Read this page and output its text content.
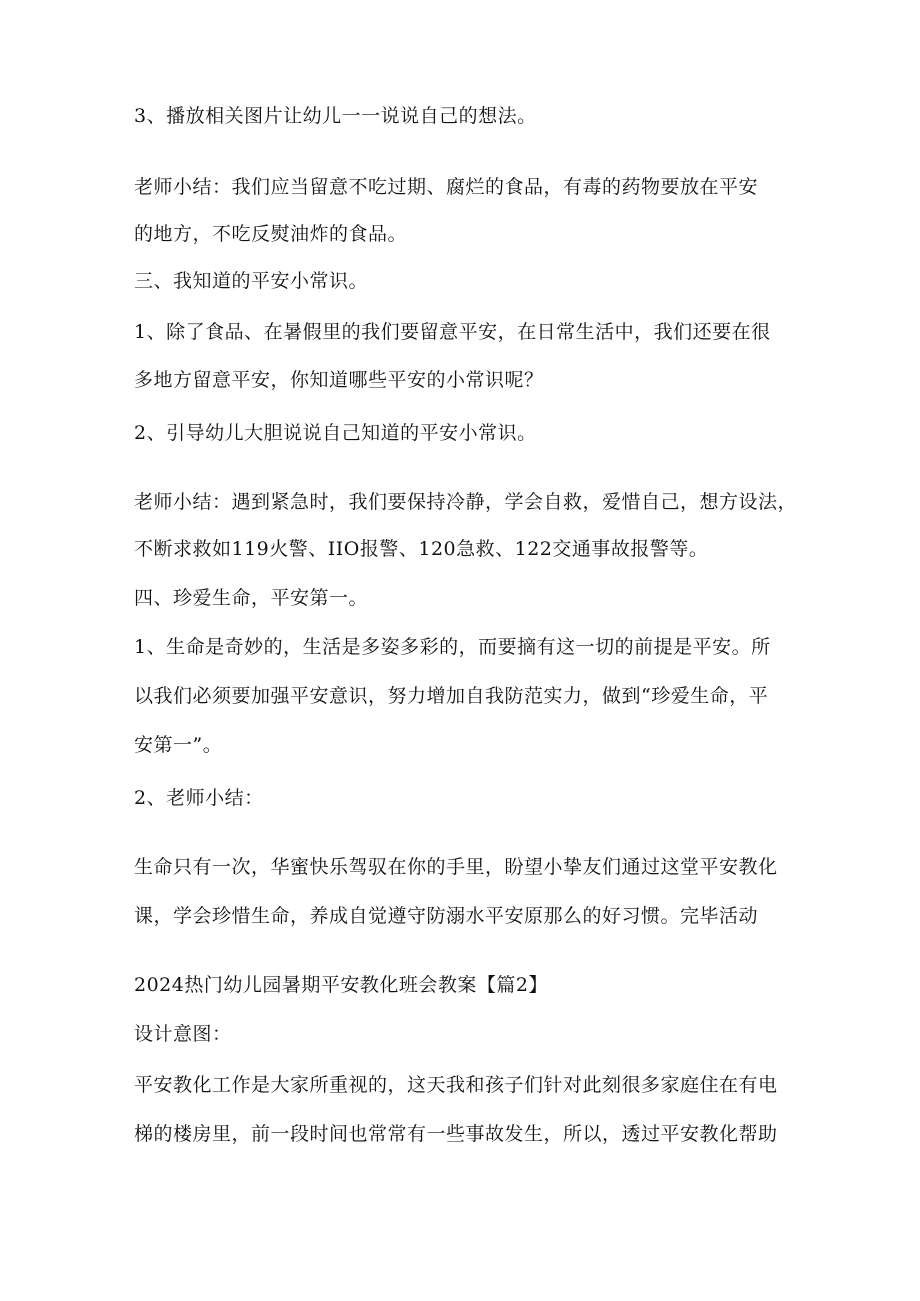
3、播放相关图片让幼儿一一说说自己的想法。

老师小结：我们应当留意不吃过期、腐烂的食品，有毒的药物要放在平安

的地方，不吃反熨油炸的食品。

三、我知道的平安小常识。

1、除了食品、在暑假里的我们要留意平安，在日常生活中，我们还要在很

多地方留意平安，你知道哪些平安的小常识呢？

2、引导幼儿大胆说说自己知道的平安小常识。

老师小结：遇到紧急时，我们要保持冷静，学会自救，爱惜自己，想方设法，

不断求救如119火警、IIO报警、120急救、122交通事故报警等。

四、珍爱生命，平安第一。

1、生命是奇妙的，生活是多姿多彩的，而要摘有这一切的前提是平安。所

以我们必须要加强平安意识，努力增加自我防范实力，做到“珍爱生命，平

安第一”。

2、老师小结：

生命只有一次，华蜜快乐驾驭在你的手里，盼望小挚友们通过这堂平安教化

课，学会珍惜生命，养成自觉遵守防溺水平安原那么的好习惯。完毕活动

2024热门幼儿园暑期平安教化班会教案【篇2】

设计意图：

平安教化工作是大家所重视的，这天我和孩子们针对此刻很多家庭住在有电

梯的楼房里，前一段时间也常常有一些事故发生，所以，透过平安教化帮助
